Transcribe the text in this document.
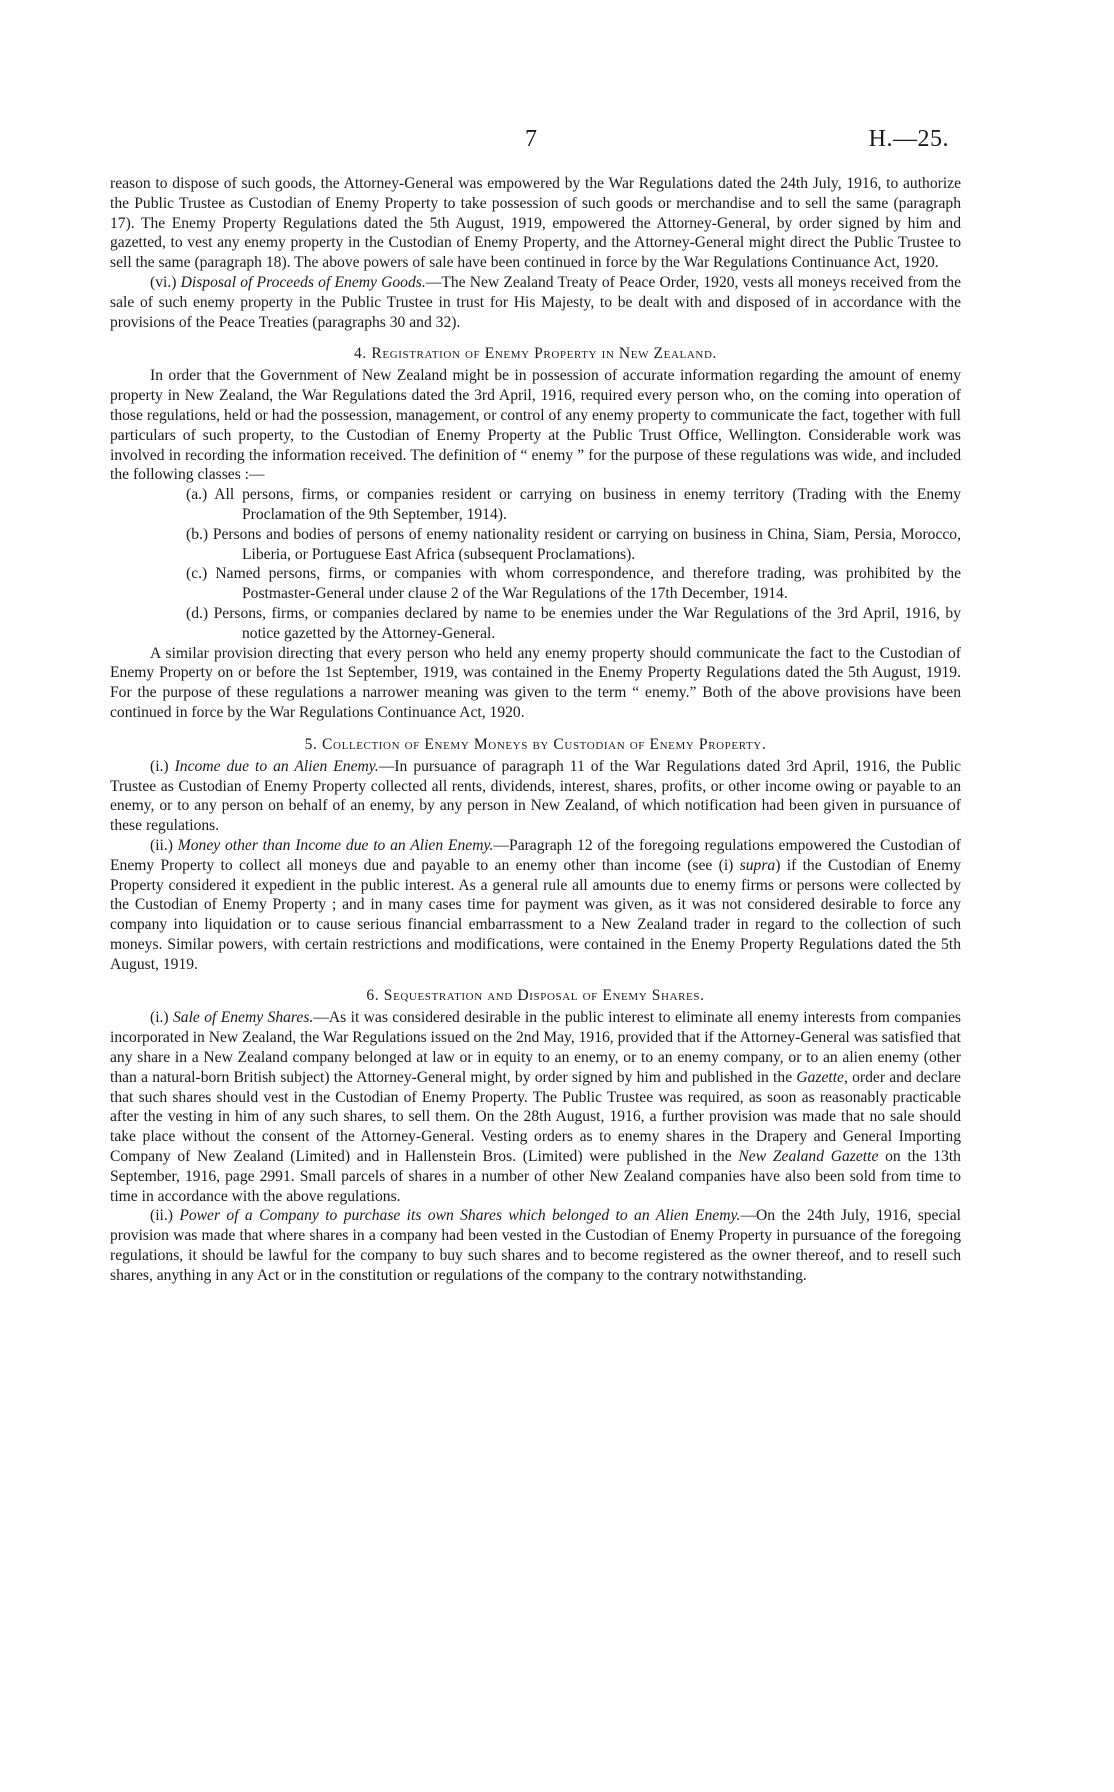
7	H.—25.

reason to dispose of such goods, the Attorney-General was empowered by the War Regulations dated the 24th July, 1916, to authorize the Public Trustee as Custodian of Enemy Property to take possession of such goods or merchandise and to sell the same (paragraph 17). The Enemy Property Regulations dated the 5th August, 1919, empowered the Attorney-General, by order signed by him and gazetted, to vest any enemy property in the Custodian of Enemy Property, and the Attorney-General might direct the Public Trustee to sell the same (paragraph 18). The above powers of sale have been continued in force by the War Regulations Continuance Act, 1920.

(vi.) Disposal of Proceeds of Enemy Goods.—The New Zealand Treaty of Peace Order, 1920, vests all moneys received from the sale of such enemy property in the Public Trustee in trust for His Majesty, to be dealt with and disposed of in accordance with the provisions of the Peace Treaties (paragraphs 30 and 32).

4. Registration of Enemy Property in New Zealand.

In order that the Government of New Zealand might be in possession of accurate information regarding the amount of enemy property in New Zealand, the War Regulations dated the 3rd April, 1916, required every person who, on the coming into operation of those regulations, held or had the possession, management, or control of any enemy property to communicate the fact, together with full particulars of such property, to the Custodian of Enemy Property at the Public Trust Office, Wellington. Considerable work was involved in recording the information received. The definition of “ enemy ” for the purpose of these regulations was wide, and included the following classes :—

(a.) All persons, firms, or companies resident or carrying on business in enemy territory (Trading with the Enemy Proclamation of the 9th September, 1914).

(b.) Persons and bodies of persons of enemy nationality resident or carrying on business in China, Siam, Persia, Morocco, Liberia, or Portuguese East Africa (subsequent Proclamations).

(c.) Named persons, firms, or companies with whom correspondence, and therefore trading, was prohibited by the Postmaster-General under clause 2 of the War Regulations of the 17th December, 1914.

(d.) Persons, firms, or companies declared by name to be enemies under the War Regulations of the 3rd April, 1916, by notice gazetted by the Attorney-General.

A similar provision directing that every person who held any enemy property should communicate the fact to the Custodian of Enemy Property on or before the 1st September, 1919, was contained in the Enemy Property Regulations dated the 5th August, 1919. For the purpose of these regulations a narrower meaning was given to the term “ enemy.” Both of the above provisions have been continued in force by the War Regulations Continuance Act, 1920.

5. Collection of Enemy Moneys by Custodian of Enemy Property.

(i.) Income due to an Alien Enemy.—In pursuance of paragraph 11 of the War Regulations dated 3rd April, 1916, the Public Trustee as Custodian of Enemy Property collected all rents, dividends, interest, shares, profits, or other income owing or payable to an enemy, or to any person on behalf of an enemy, by any person in New Zealand, of which notification had been given in pursuance of these regulations.

(ii.) Money other than Income due to an Alien Enemy.—Paragraph 12 of the foregoing regulations empowered the Custodian of Enemy Property to collect all moneys due and payable to an enemy other than income (see (i) supra) if the Custodian of Enemy Property considered it expedient in the public interest. As a general rule all amounts due to enemy firms or persons were collected by the Custodian of Enemy Property ; and in many cases time for payment was given, as it was not considered desirable to force any company into liquidation or to cause serious financial embarrassment to a New Zealand trader in regard to the collection of such moneys. Similar powers, with certain restrictions and modifications, were contained in the Enemy Property Regulations dated the 5th August, 1919.

6. Sequestration and Disposal of Enemy Shares.

(i.) Sale of Enemy Shares.—As it was considered desirable in the public interest to eliminate all enemy interests from companies incorporated in New Zealand, the War Regulations issued on the 2nd May, 1916, provided that if the Attorney-General was satisfied that any share in a New Zealand company belonged at law or in equity to an enemy, or to an enemy company, or to an alien enemy (other than a natural-born British subject) the Attorney-General might, by order signed by him and published in the Gazette, order and declare that such shares should vest in the Custodian of Enemy Property. The Public Trustee was required, as soon as reasonably practicable after the vesting in him of any such shares, to sell them. On the 28th August, 1916, a further provision was made that no sale should take place without the consent of the Attorney-General. Vesting orders as to enemy shares in the Drapery and General Importing Company of New Zealand (Limited) and in Hallenstein Bros. (Limited) were published in the New Zealand Gazette on the 13th September, 1916, page 2991. Small parcels of shares in a number of other New Zealand companies have also been sold from time to time in accordance with the above regulations.

(ii.) Power of a Company to purchase its own Shares which belonged to an Alien Enemy.—On the 24th July, 1916, special provision was made that where shares in a company had been vested in the Custodian of Enemy Property in pursuance of the foregoing regulations, it should be lawful for the company to buy such shares and to become registered as the owner thereof, and to resell such shares, anything in any Act or in the constitution or regulations of the company to the contrary notwithstanding.
